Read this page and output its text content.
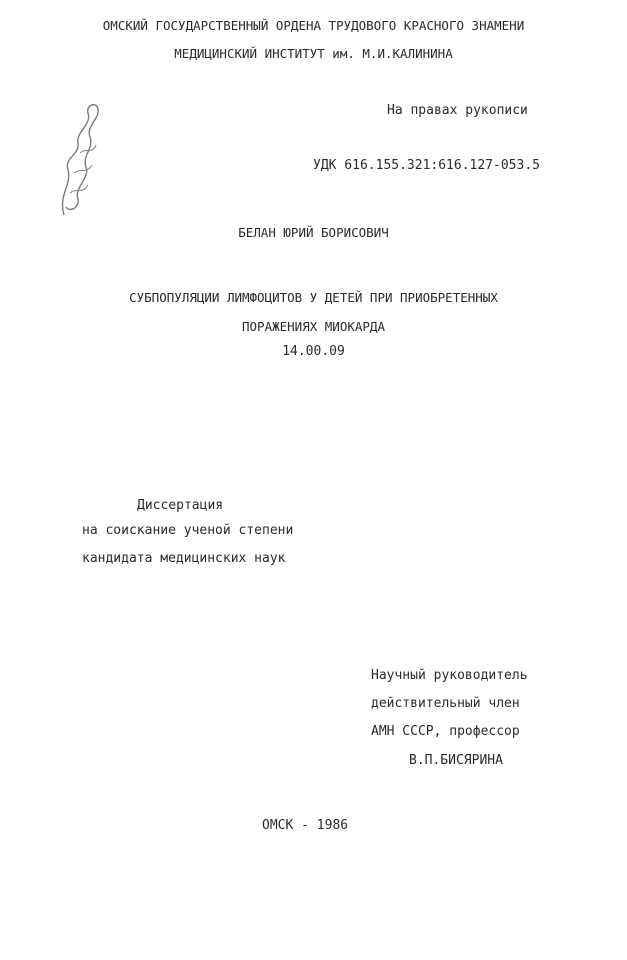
ОМСКИЙ ГОСУДАРСТВЕННЫЙ ОРДЕНА ТРУДОВОГО КРАСНОГО ЗНАМЕНИ
МЕДИЦИНСКИЙ ИНСТИТУТ им. М.И.КАЛИНИНА
На правах рукописи
УДК 616.155.321:616.127-053.5
БЕЛАН ЮРИЙ БОРИСОВИЧ
СУБПОПУЛЯЦИИ ЛИМФОЦИТОВ У ДЕТЕЙ ПРИ ПРИОБРЕТЕННЫХ
ПОРАЖЕНИЯХ МИОКАРДА
14.00.09
Диссертация
на соискание ученой степени
кандидата медицинских наук
Научный руководитель
действительный член
АМН СССР, профессор
В.П.БИСЯРИНА
ОМСК - 1986
